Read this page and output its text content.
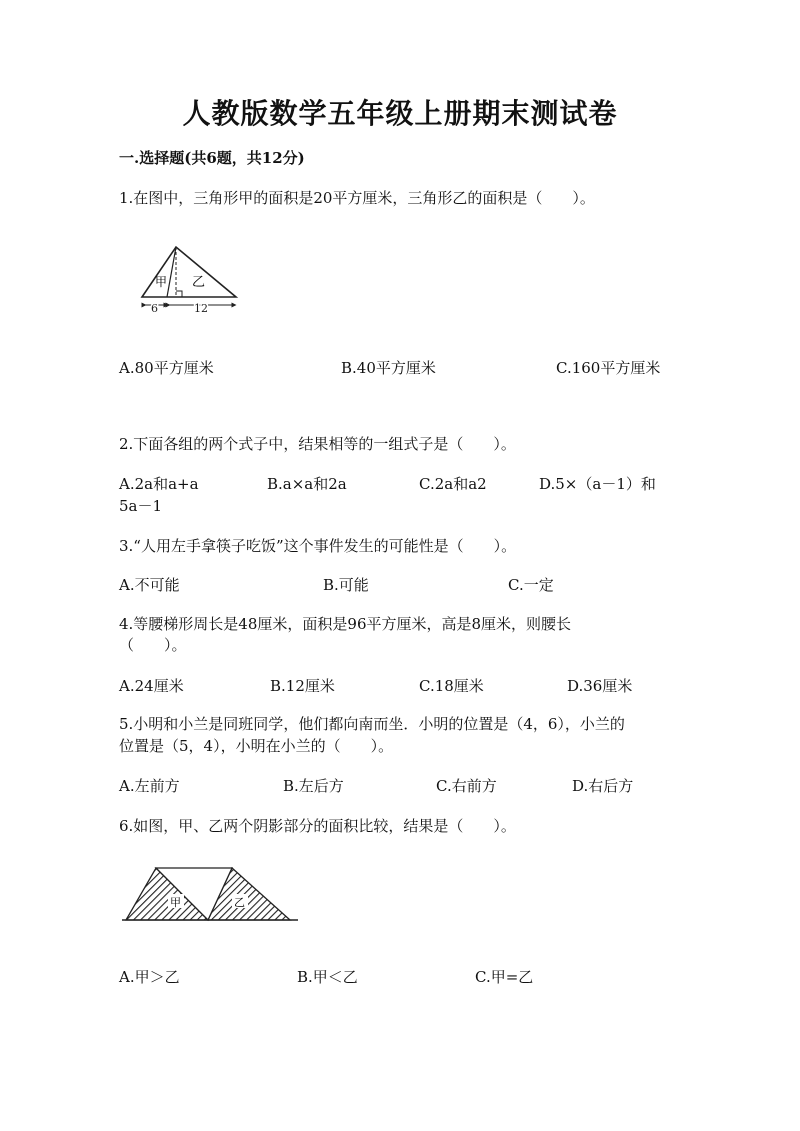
人教版数学五年级上册期末测试卷
一.选择题(共6题，共12分)
1.在图中，三角形甲的面积是20平方厘米，三角形乙的面积是（　　）。
甲 乙
6	12
A.80平方厘米	B.40平方厘米	C.160平方厘米
2.下面各组的两个式子中，结果相等的一组式子是（　　）。
A.2a和a+a	B.a×a和2a	C.2a和a2	D.5×（a－1）和
5a－1
3.“人用左手拿筷子吃饭”这个事件发生的可能性是（　　）。
A.不可能	B.可能	C.一定
4.等腰梯形周长是48厘米，面积是96平方厘米，高是8厘米，则腰长
（　　）。
A.24厘米	B.12厘米	C.18厘米	D.36厘米
5.小明和小兰是同班同学，他们都向南而坐．小明的位置是（4，6），小兰的
位置是（5，4），小明在小兰的（　　）。
A.左前方	B.左后方	C.右前方	D.右后方
6.如图，甲、乙两个阴影部分的面积比较，结果是（　　）。
甲	乙
A.甲＞乙	B.甲＜乙	C.甲=乙
